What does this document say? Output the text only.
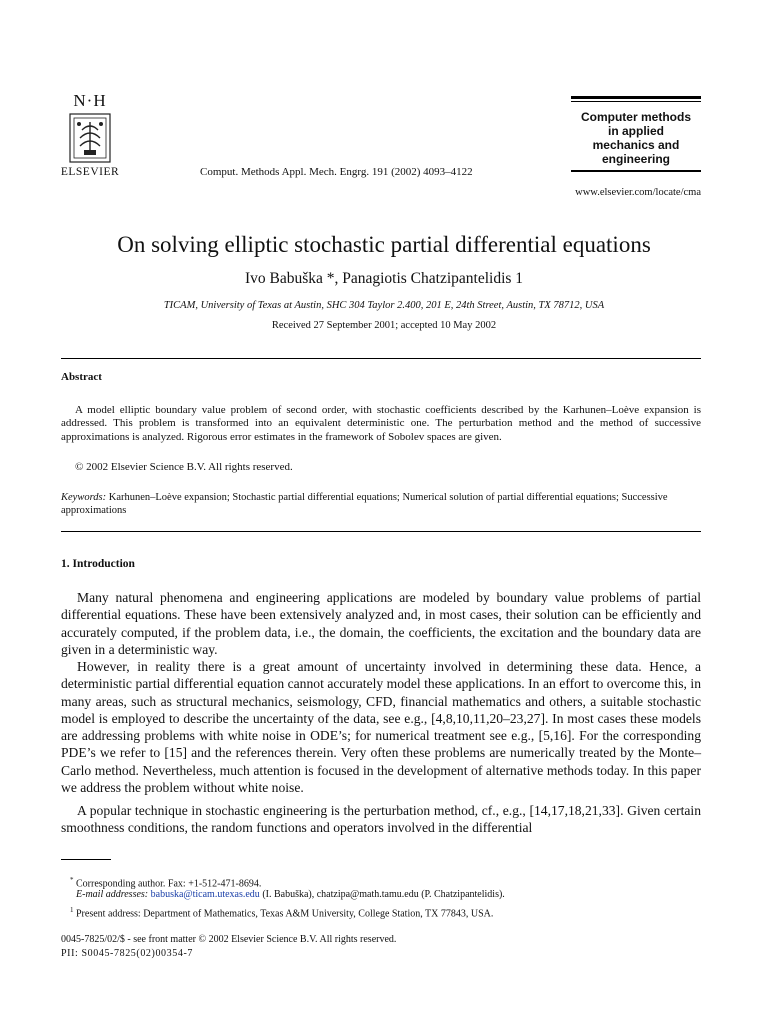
N·H
ELSEVIER	Comput. Methods Appl. Mech. Engrg. 191 (2002) 4093–4122
Computer methods
in applied
mechanics and
engineering
www.elsevier.com/locate/cma
On solving elliptic stochastic partial differential equations
Ivo Babuška *, Panagiotis Chatzipantelidis 1
TICAM, University of Texas at Austin, SHC 304 Taylor 2.400, 201 E, 24th Street, Austin, TX 78712, USA
Received 27 September 2001; accepted 10 May 2002
Abstract
A model elliptic boundary value problem of second order, with stochastic coefficients described by the Karhunen–Loève expansion is addressed. This problem is transformed into an equivalent deterministic one. The perturbation method and the method of successive approximations is analyzed. Rigorous error estimates in the framework of Sobolev spaces are given.
© 2002 Elsevier Science B.V. All rights reserved.
Keywords: Karhunen–Loève expansion; Stochastic partial differential equations; Numerical solution of partial differential equations; Successive approximations
1. Introduction
Many natural phenomena and engineering applications are modeled by boundary value problems of partial differential equations. These have been extensively analyzed and, in most cases, their solution can be efficiently and accurately computed, if the problem data, i.e., the domain, the coefficients, the excitation and the boundary data are given in a deterministic way.
However, in reality there is a great amount of uncertainty involved in determining these data. Hence, a deterministic partial differential equation cannot accurately model these applications. In an effort to overcome this, in many areas, such as structural mechanics, seismology, CFD, financial mathematics and others, a suitable stochastic model is employed to describe the uncertainty of the data, see e.g., [4,8,10,11,20–23,27]. In most cases these models are addressing problems with white noise in ODE’s; for numerical treatment see e.g., [5,16]. For the corresponding PDE’s we refer to [15] and the references therein. Very often these problems are numerically treated by the Monte–Carlo method. Nevertheless, much attention is focused in the development of alternative methods today. In this paper we address the problem without white noise.
A popular technique in stochastic engineering is the perturbation method, cf., e.g., [14,17,18,21,33]. Given certain smoothness conditions, the random functions and operators involved in the differential
* Corresponding author. Fax: +1-512-471-8694.
E-mail addresses: babuska@ticam.utexas.edu (I. Babuška), chatzipa@math.tamu.edu (P. Chatzipantelidis).
$^1$ Present address: Department of Mathematics, Texas A&M University, College Station, TX 77843, USA.
0045-7825/02/$ - see front matter © 2002 Elsevier Science B.V. All rights reserved.
PII: S0045-7825(02)00354-7
